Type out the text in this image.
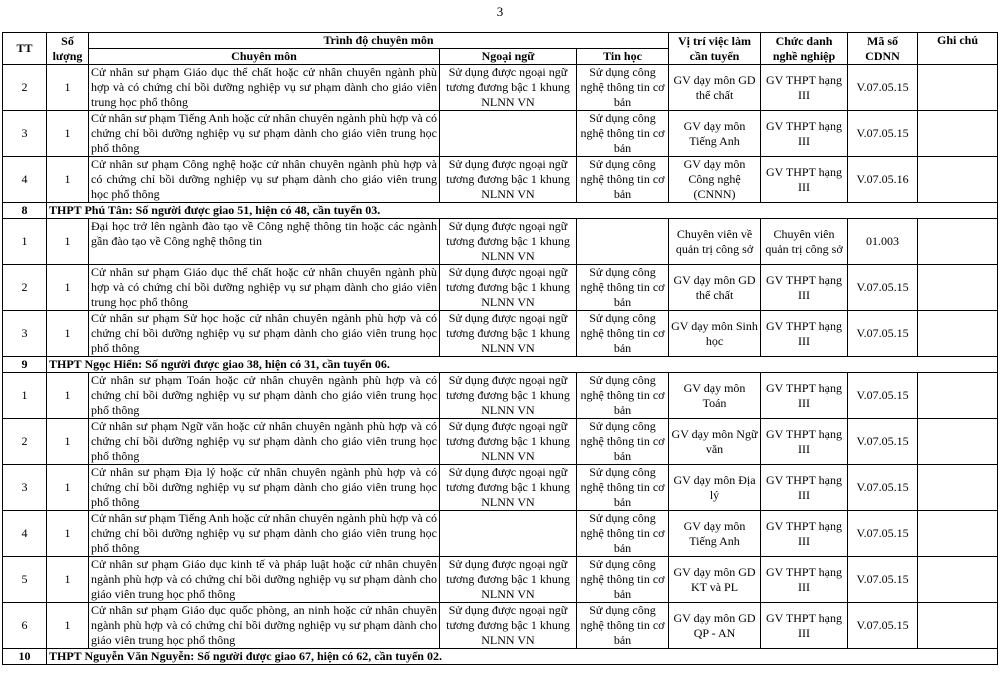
3
TT	Số lượng	Trình độ chuyên môn			Vị trí việc làm cần tuyển	Chức danh nghề nghiệp	Mã số CDNN	Ghi chú
		Chuyên môn	Ngoại ngữ	Tin học				
2	1	Cử nhân sư phạm Giáo dục thể chất hoặc cử nhân chuyên ngành phù hợp và có chứng chỉ bồi dưỡng nghiệp vụ sư phạm dành cho giáo viên trung học phổ thông	Sử dụng được ngoại ngữ tương đương bậc 1 khung NLNN VN	Sử dụng công nghệ thông tin cơ bản	GV dạy môn GD thể chất	GV THPT hạng III	V.07.05.15	
3	1	Cử nhân sư phạm Tiếng Anh hoặc cử nhân chuyên ngành phù hợp và có chứng chỉ bồi dưỡng nghiệp vụ sư phạm dành cho giáo viên trung học phổ thông		Sử dụng công nghệ thông tin cơ bản	GV dạy môn Tiếng Anh	GV THPT hạng III	V.07.05.15	
4	1	Cử nhân sư phạm Công nghệ hoặc cử nhân chuyên ngành phù hợp và có chứng chỉ bồi dưỡng nghiệp vụ sư phạm dành cho giáo viên trung học phổ thông	Sử dụng được ngoại ngữ tương đương bậc 1 khung NLNN VN	Sử dụng công nghệ thông tin cơ bản	GV dạy môn Công nghệ (CNNN)	GV THPT hạng III	V.07.05.16	
8	THPT Phú Tân: Số người được giao 51, hiện có 48, cần tuyển 03.							
1	1	Đại học trở lên ngành đào tạo về Công nghệ thông tin hoặc các ngành gần đào tạo về Công nghệ thông tin	Sử dụng được ngoại ngữ tương đương bậc 1 khung NLNN VN		Chuyên viên về quản trị công sở	Chuyên viên quản trị công sở	01.003	
2	1	Cử nhân sư phạm Giáo dục thể chất hoặc cử nhân chuyên ngành phù hợp và có chứng chỉ bồi dưỡng nghiệp vụ sư phạm dành cho giáo viên trung học phổ thông	Sử dụng được ngoại ngữ tương đương bậc 1 khung NLNN VN	Sử dụng công nghệ thông tin cơ bản	GV dạy môn GD thể chất	GV THPT hạng III	V.07.05.15	
3	1	Cử nhân sư phạm Sử học hoặc cử nhân chuyên ngành phù hợp và có chứng chỉ bồi dưỡng nghiệp vụ sư phạm dành cho giáo viên trung học phổ thông	Sử dụng được ngoại ngữ tương đương bậc 1 khung NLNN VN	Sử dụng công nghệ thông tin cơ bản	GV dạy môn Sinh học	GV THPT hạng III	V.07.05.15	
9	THPT Ngọc Hiển: Số người được giao 38, hiện có 31, cần tuyển 06.							
1	1	Cử nhân sư phạm Toán hoặc cử nhân chuyên ngành phù hợp và có chứng chỉ bồi dưỡng nghiệp vụ sư phạm dành cho giáo viên trung học phổ thông	Sử dụng được ngoại ngữ tương đương bậc 1 khung NLNN VN	Sử dụng công nghệ thông tin cơ bản	GV dạy môn Toán	GV THPT hạng III	V.07.05.15	
2	1	Cử nhân sư phạm Ngữ văn hoặc cử nhân chuyên ngành phù hợp và có chứng chỉ bồi dưỡng nghiệp vụ sư phạm dành cho giáo viên trung học phổ thông	Sử dụng được ngoại ngữ tương đương bậc 1 khung NLNN VN	Sử dụng công nghệ thông tin cơ bản	GV dạy môn Ngữ văn	GV THPT hạng III	V.07.05.15	
3	1	Cử nhân sư phạm Địa lý hoặc cử nhân chuyên ngành phù hợp và có chứng chỉ bồi dưỡng nghiệp vụ sư phạm dành cho giáo viên trung học phổ thông	Sử dụng được ngoại ngữ tương đương bậc 1 khung NLNN VN	Sử dụng công nghệ thông tin cơ bản	GV dạy môn Địa lý	GV THPT hạng III	V.07.05.15	
4	1	Cử nhân sư phạm Tiếng Anh hoặc cử nhân chuyên ngành phù hợp và có chứng chỉ bồi dưỡng nghiệp vụ sư phạm dành cho giáo viên trung học phổ thông		Sử dụng công nghệ thông tin cơ bản	GV dạy môn Tiếng Anh	GV THPT hạng III	V.07.05.15	
5	1	Cử nhân sư phạm Giáo dục kinh tế và pháp luật hoặc cử nhân chuyên ngành phù hợp và có chứng chỉ bồi dưỡng nghiệp vụ sư phạm dành cho giáo viên trung học phổ thông	Sử dụng được ngoại ngữ tương đương bậc 1 khung NLNN VN	Sử dụng công nghệ thông tin cơ bản	GV dạy môn GD KT và PL	GV THPT hạng III	V.07.05.15	
6	1	Cử nhân sư phạm Giáo dục quốc phòng, an ninh hoặc cử nhân chuyên ngành phù hợp và có chứng chỉ bồi dưỡng nghiệp vụ sư phạm dành cho giáo viên trung học phổ thông	Sử dụng được ngoại ngữ tương đương bậc 1 khung NLNN VN	Sử dụng công nghệ thông tin cơ bản	GV dạy môn GD QP - AN	GV THPT hạng III	V.07.05.15	
10	THPT Nguyễn Văn Nguyễn: Số người được giao 67, hiện có 62, cần tuyển 02.							
